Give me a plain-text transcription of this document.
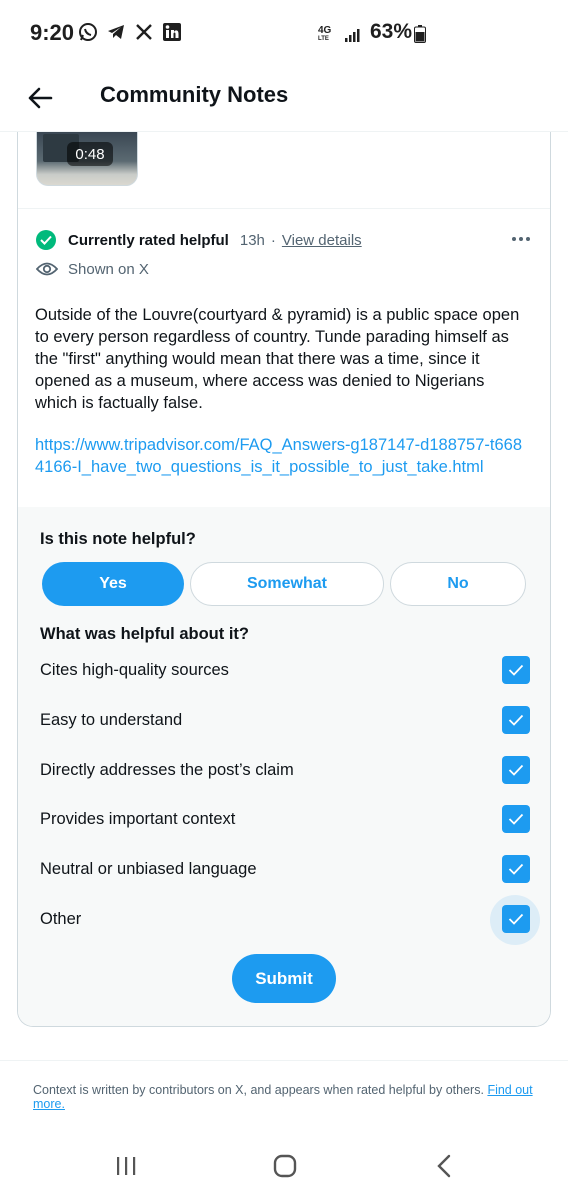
9:20	4G
LTE 63%
Community Notes
0:48
Currently rated helpful 13h · View details
Shown on X
Outside of the Louvre(courtyard & pyramid) is a public space open to every person regardless of country. Tunde parading himself as the "first" anything would mean that there was a time, since it opened as a museum, where access was denied to Nigerians which is factually false.
https://www.tripadvisor.com/FAQ_Answers-g187147-d188757-t6684166-I_have_two_questions_is_it_possible_to_just_take.html
Is this note helpful?
Yes	Somewhat	No
What was helpful about it?
Cites high-quality sources
Easy to understand
Directly addresses the post’s claim
Provides important context
Neutral or unbiased language
Other
Submit
Context is written by contributors on X, and appears when rated helpful by others. Find out more.
